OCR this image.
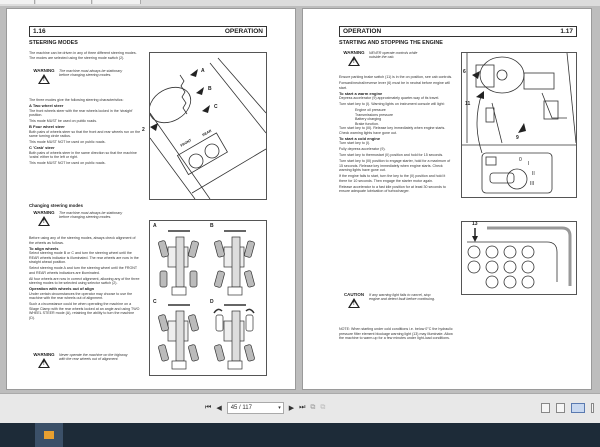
1.16	OPERATION
STEERING MODES

The machine can be driven in any of three different steering modes. The modes are selected using the steering mode switch (2).

WARNING
! The machine must always be stationary before changing steering modes.

The three modes give the following steering characteristics:

A Two wheel steer

The front wheels steer with the rear wheels locked in the 'straight' position.

This mode MUST be used on public roads.

B Four wheel steer

Both pairs of wheels steer so that the front and rear wheels run on the same turning circle radius.

This mode MUST NOT be used on public roads.

C 'Crab' steer

Both pairs of wheels steer in the same direction so that the machine 'crabs' either to the left or right.

This mode MUST NOT be used on public roads.

Changing steering modes
WARNING
! The machine must always be stationary before changing steering modes.

Before using any of the steering modes, always check alignment of the wheels as follows.

To align wheels

Select steering mode B or C and turn the steering wheel until the REAR wheels indicator is illuminated. The rear wheels are now in the straight ahead position.

Select steering mode A and turn the steering wheel until the FRONT and REAR wheels indicators are illuminated.

All four wheels are now in correct alignment, allowing any of the three steering modes to be selected using selector switch (2).

Operation with wheels out of align

Under certain circumstances the operator may choose to use the machine with the rear wheels out of alignment.

Such a circumstance could be when operating the machine on a Silage Clamp with the rear wheels locked at an angle and using TWO WHEEL STEER mode (A), retaining the ability to turn the machine (D).

WARNING
! Never operate the machine on the highway with the rear wheels out of alignment.
A
B
C
2
FRONT
REAR
A	B
C	D
OPERATION	1.17
STARTING AND STOPPING THE ENGINE
WARNING
! NEVER operate controls while outside the cab.

Ensure parking brake switch (11) is in the on position, see cab controls.

Forward/neutral/reverse lever (6) must be in neutral before engine will start.

To start a warm engine

Depress accelerator (9) approximately quarter-way of its travel.

Turn start key to (I). Warning lights on instrument console will light:

Engine oil pressure
Transmissions pressure
Battery charging
Brake function.

Turn start key to (III). Release key immediately when engine starts. Check warning lights have gone out.

To start a cold engine

Turn start key to (I).

Fully depress accelerator (9).

Turn start key to thermostart (II) position and hold for 15 seconds.

Turn start key to (III) position to engage starter, hold for a maximum of 15 seconds. Release key immediately when engine starts. Check warning lights have gone out.

If the engine fails to start, turn the key to the (II) position and hold it there for 10 seconds. Then engage the starter motor again.

Release accelerator to a fast idle position for at least 30 seconds to ensure adequate lubrication of turbocharger.

CAUTION
! If any warning light fails to cancel, stop engine and detect fault before continuing.

NOTE: When starting under cold conditions i.e. below 0°C the hydraulic pressure filter element blockage warning light (13) may illuminate. Allow the machine to warm-up for a few minutes under light-load conditions.

0
I
II
III
6
11
9
13
⏮ ◀	45 / 117	▾ ▶ ⏭ ⧉ ⧉
